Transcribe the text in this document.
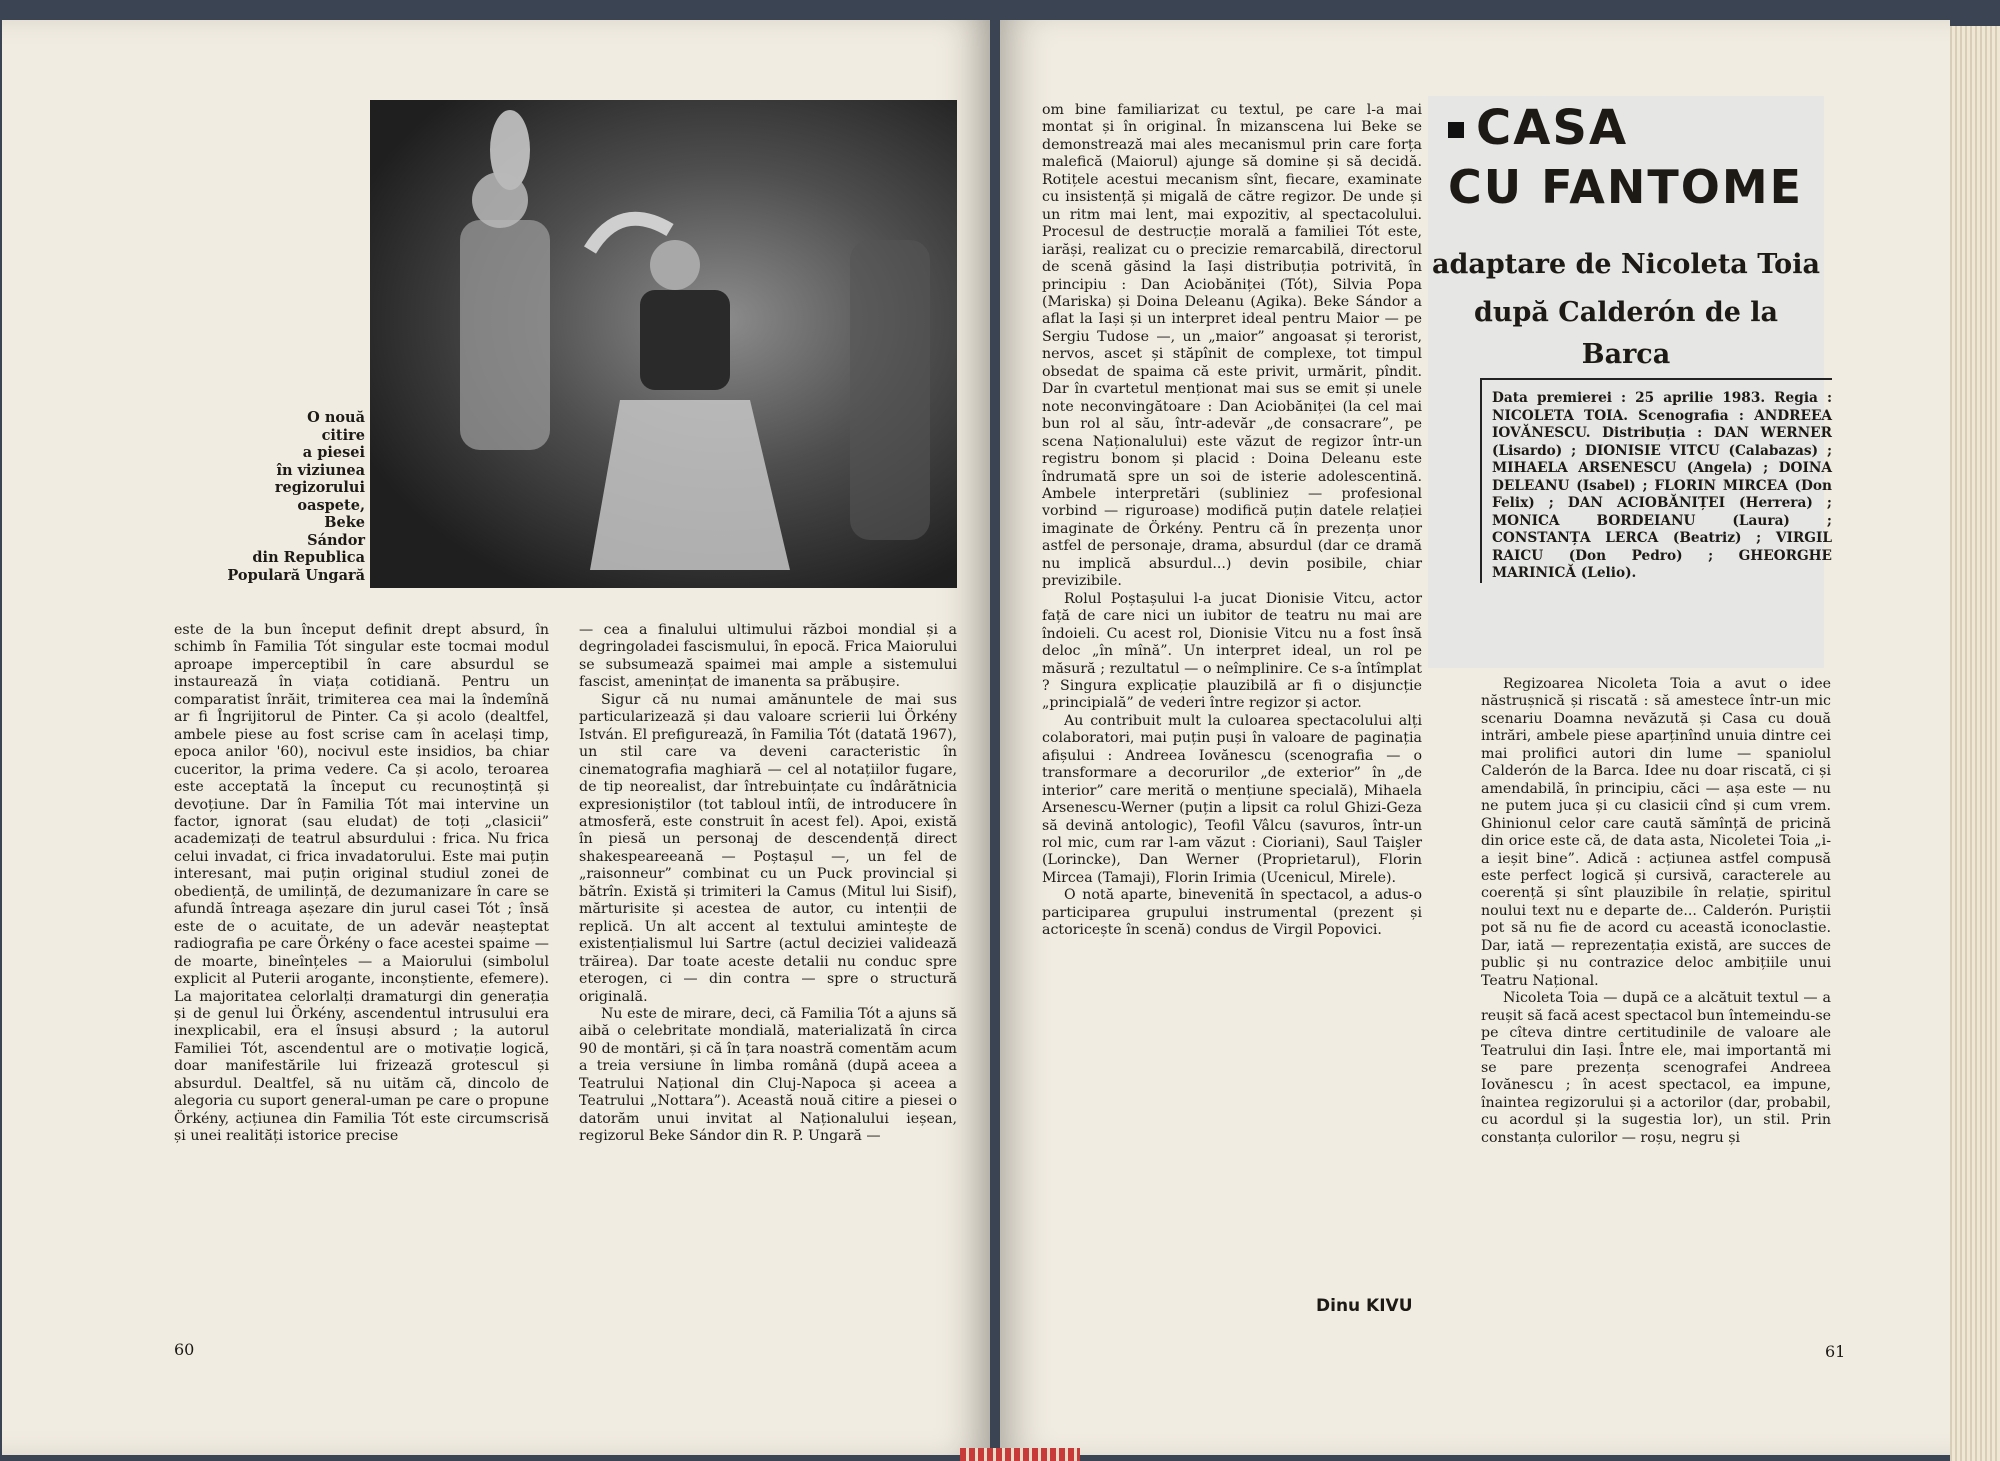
O nouă
citire
a piesei
în viziunea
regizorului
oaspete,
Beke
Sándor
din Republica
Populară Ungară

este de la bun început definit drept absurd, în schimb în Familia Tót singular este tocmai modul aproape imperceptibil în care absurdul se instaurează în viața cotidiană. Pentru un comparatist înrăit, trimiterea cea mai la îndemînă ar fi Îngrijitorul de Pinter. Ca și acolo (dealtfel, ambele piese au fost scrise cam în același timp, epoca anilor '60), nocivul este insidios, ba chiar cuceritor, la prima vedere. Ca și acolo, teroarea este acceptată la început cu recunoștință și devoțiune. Dar în Familia Tót mai intervine un factor, ignorat (sau eludat) de toți „clasicii” academizați de teatrul absurdului : frica. Nu frica celui invadat, ci frica invadatorului. Este mai puțin interesant, mai puțin original studiul zonei de obediență, de umilință, de dezumanizare în care se afundă întreaga așezare din jurul casei Tót ; însă este de o acuitate, de un adevăr neașteptat radiografia pe care Örkény o face acestei spaime — de moarte, bineînțeles — a Maiorului (simbolul explicit al Puterii arogante, inconștiente, efemere). La majoritatea celorlalți dramaturgi din generația și de genul lui Örkény, ascendentul intrusului era inexplicabil, era el însuși absurd ; la autorul Familiei Tót, ascendentul are o motivație logică, doar manifestările lui frizează grotescul și absurdul. Dealtfel, să nu uităm că, dincolo de alegoria cu suport general-uman pe care o propune Örkény, acțiunea din Familia Tót este circumscrisă și unei realități istorice precise

— cea a finalului ultimului război mondial și a degringoladei fascismului, în epocă. Frica Maiorului se subsumează spaimei mai ample a sistemului fascist, amenințat de imanenta sa prăbușire.

Sigur că nu numai amănuntele de mai sus particularizează și dau valoare scrierii lui Örkény István. El prefigurează, în Familia Tót (datată 1967), un stil care va deveni caracteristic în cinematografia maghiară — cel al notațiilor fugare, de tip neorealist, dar întrebuințate cu îndârătnicia expresioniștilor (tot tabloul intîi, de introducere în atmosferă, este construit în acest fel). Apoi, există în piesă un personaj de descendență direct shakespeareeană — Poștașul —, un fel de „raisonneur” combinat cu un Puck provincial și bătrîn. Există și trimiteri la Camus (Mitul lui Sisif), mărturisite și acestea de autor, cu intenții de replică. Un alt accent al textului amintește de existențialismul lui Sartre (actul deciziei validează trăirea). Dar toate aceste detalii nu conduc spre eterogen, ci — din contra — spre o structură originală.

Nu este de mirare, deci, că Familia Tót a ajuns să aibă o celebritate mondială, materializată în circa 90 de montări, și că în țara noastră comentăm acum a treia versiune în limba română (după aceea a Teatrului Național din Cluj-Napoca și aceea a Teatrului „Nottara”). Această nouă citire a piesei o datorăm unui invitat al Naționalului ieșean, regizorul Beke Sándor din R. P. Ungară —

60

om bine familiarizat cu textul, pe care l-a mai montat și în original. În mizanscena lui Beke se demonstrează mai ales mecanismul prin care forța malefică (Maiorul) ajunge să domine și să decidă. Rotițele acestui mecanism sînt, fiecare, examinate cu insistență și migală de către regizor. De unde și un ritm mai lent, mai expozitiv, al spectacolului. Procesul de destrucție morală a familiei Tót este, iarăși, realizat cu o precizie remarcabilă, directorul de scenă găsind la Iași distribuția potrivită, în principiu : Dan Aciobăniței (Tót), Silvia Popa (Mariska) și Doina Deleanu (Agika). Beke Sándor a aflat la Iași și un interpret ideal pentru Maior — pe Sergiu Tudose —, un „maior” angoasat și terorist, nervos, ascet și stăpînit de complexe, tot timpul obsedat de spaima că este privit, urmărit, pîndit. Dar în cvartetul menționat mai sus se emit și unele note neconvingătoare : Dan Aciobăniței (la cel mai bun rol al său, într-adevăr „de consacrare”, pe scena Naționalului) este văzut de regizor într-un registru bonom și placid : Doina Deleanu este îndrumată spre un soi de isterie adolescentină. Ambele interpretări (subliniez — profesional vorbind — riguroase) modifică puțin datele relației imaginate de Örkény. Pentru că în prezența unor astfel de personaje, drama, absurdul (dar ce dramă nu implică absurdul...) devin posibile, chiar previzibile.

Rolul Poștașului l-a jucat Dionisie Vitcu, actor față de care nici un iubitor de teatru nu mai are îndoieli. Cu acest rol, Dionisie Vitcu nu a fost însă deloc „în mînă”. Un interpret ideal, un rol pe măsură ; rezultatul — o neîmplinire. Ce s-a întîmplat ? Singura explicație plauzibilă ar fi o disjuncție „principială” de vederi între regizor și actor.

Au contribuit mult la culoarea spectacolului alți colaboratori, mai puțin puși în valoare de paginația afișului : Andreea Iovănescu (scenografia — o transformare a decorurilor „de exterior” în „de interior” care merită o mențiune specială), Mihaela Arsenescu-Werner (puțin a lipsit ca rolul Ghizi-Geza să devină antologic), Teofil Vâlcu (savuros, într-un rol mic, cum rar l-am văzut : Cioriani), Saul Taişler (Lorincke), Dan Werner (Proprietarul), Florin Mircea (Tamaji), Florin Irimia (Ucenicul, Mirele).

O notă aparte, binevenită în spectacol, a adus-o participarea grupului instrumental (prezent și actoricește în scenă) condus de Virgil Popovici.

61
CASA
CU FANTOME
adaptare de Nicoleta Toia
după Calderón de la Barca
Data premierei : 25 aprilie 1983. Regia : NICOLETA TOIA. Scenografia : ANDREEA IOVĂNESCU. Distribuția : DAN WERNER (Lisardo) ; DIONISIE VITCU (Calabazas) ; MIHAELA ARSENESCU (Angela) ; DOINA DELEANU (Isabel) ; FLORIN MIRCEA (Don Felix) ; DAN ACIOBĂNIȚEI (Herrera) ; MONICA BORDEIANU (Laura) ; CONSTANȚA LERCA (Beatriz) ; VIRGIL RAICU (Don Pedro) ; GHEORGHE MARINICĂ (Lelio).

Regizoarea Nicoleta Toia a avut o idee năstrușnică și riscată : să amestece într-un mic scenariu Doamna nevăzută și Casa cu două intrări, ambele piese aparținînd unuia dintre cei mai prolifici autori din lume — spaniolul Calderón de la Barca. Idee nu doar riscată, ci și amendabilă, în principiu, căci — așa este — nu ne putem juca și cu clasicii cînd și cum vrem. Ghinionul celor care caută sămînță de pricină din orice este că, de data asta, Nicoletei Toia „i-a ieșit bine”. Adică : acțiunea astfel compusă este perfect logică și cursivă, caracterele au coerență și sînt plauzibile în relație, spiritul noului text nu e departe de... Calderón. Puriștii pot să nu fie de acord cu această iconoclastie. Dar, iată — reprezentația există, are succes de public și nu contrazice deloc ambițiile unui Teatru Național.

Nicoleta Toia — după ce a alcătuit textul — a reușit să facă acest spectacol bun întemeindu-se pe cîteva dintre certitudinile de valoare ale Teatrului din Iași. Între ele, mai importantă mi se pare prezența scenografei Andreea Iovănescu ; în acest spectacol, ea impune, înaintea regizorului și a actorilor (dar, probabil, cu acordul și la sugestia lor), un stil. Prin constanța culorilor — roșu, negru și

Dinu KIVU
